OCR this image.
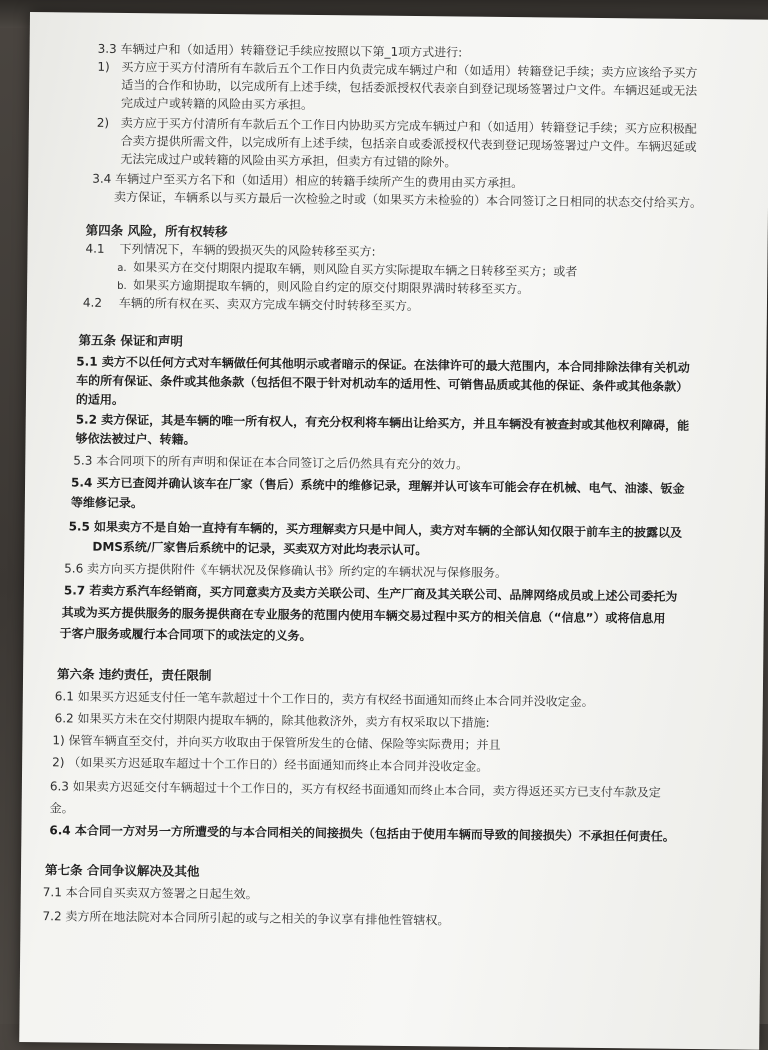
3.3 车辆过户和（如适用）转籍登记手续应按照以下第_1项方式进行:
1) 买方应于买方付清所有车款后五个工作日内负责完成车辆过户和（如适用）转籍登记手续；卖方应该给予买方
适当的合作和协助，以完成所有上述手续，包括委派授权代表亲自到登记现场签署过户文件。车辆迟延或无法
完成过户或转籍的风险由买方承担。
2) 卖方应于买方付清所有车款后五个工作日内协助买方完成车辆过户和（如适用）转籍登记手续；买方应积极配
合卖方提供所需文件，以完成所有上述手续，包括亲自或委派授权代表到登记现场签署过户文件。车辆迟延或
无法完成过户或转籍的风险由买方承担，但卖方有过错的除外。
3.4 车辆过户至买方名下和（如适用）相应的转籍手续所产生的费用由买方承担。
卖方保证，车辆系以与买方最后一次检验之时或（如果买方未检验的）本合同签订之日相同的状态交付给买方。
第四条 风险，所有权转移
4.1 下列情况下，车辆的毁损灭失的风险转移至买方:
a. 如果买方在交付期限内提取车辆，则风险自买方实际提取车辆之日转移至买方；或者
b. 如果买方逾期提取车辆的，则风险自约定的原交付期限界满时转移至买方。
4.2 车辆的所有权在买、卖双方完成车辆交付时转移至买方。
第五条 保证和声明
5.1 卖方不以任何方式对车辆做任何其他明示或者暗示的保证。在法律许可的最大范围内，本合同排除法律有关机动
车的所有保证、条件或其他条款（包括但不限于针对机动车的适用性、可销售品质或其他的保证、条件或其他条款）
的适用。
5.2 卖方保证，其是车辆的唯一所有权人，有充分权利将车辆出让给买方，并且车辆没有被查封或其他权利障碍，能
够依法被过户、转籍。
5.3 本合同项下的所有声明和保证在本合同签订之后仍然具有充分的效力。
5.4 买方已查阅并确认该车在厂家（售后）系统中的维修记录，理解并认可该车可能会存在机械、电气、油漆、钣金
等维修记录。
5.5 如果卖方不是自始一直持有车辆的，买方理解卖方只是中间人，卖方对车辆的全部认知仅限于前车主的披露以及
DMS系统/厂家售后系统中的记录，买卖双方对此均表示认可。
5.6 卖方向买方提供附件《车辆状况及保修确认书》所约定的车辆状况与保修服务。
5.7 若卖方系汽车经销商，买方同意卖方及卖方关联公司、生产厂商及其关联公司、品牌网络成员或上述公司委托为
其或为买方提供服务的服务提供商在专业服务的范围内使用车辆交易过程中买方的相关信息（“信息”）或将信息用
于客户服务或履行本合同项下的或法定的义务。
第六条 违约责任，责任限制
6.1 如果买方迟延支付任一笔车款超过十个工作日的，卖方有权经书面通知而终止本合同并没收定金。
6.2 如果买方未在交付期限内提取车辆的，除其他救济外，卖方有权采取以下措施:
1) 保管车辆直至交付，并向买方收取由于保管所发生的仓储、保险等实际费用；并且
2) （如果买方迟延取车超过十个工作日的）经书面通知而终止本合同并没收定金。
6.3 如果卖方迟延交付车辆超过十个工作日的，买方有权经书面通知而终止本合同，卖方得返还买方已支付车款及定
金。
6.4 本合同一方对另一方所遭受的与本合同相关的间接损失（包括由于使用车辆而导致的间接损失）不承担任何责任。
第七条 合同争议解决及其他
7.1 本合同自买卖双方签署之日起生效。
7.2 卖方所在地法院对本合同所引起的或与之相关的争议享有排他性管辖权。
